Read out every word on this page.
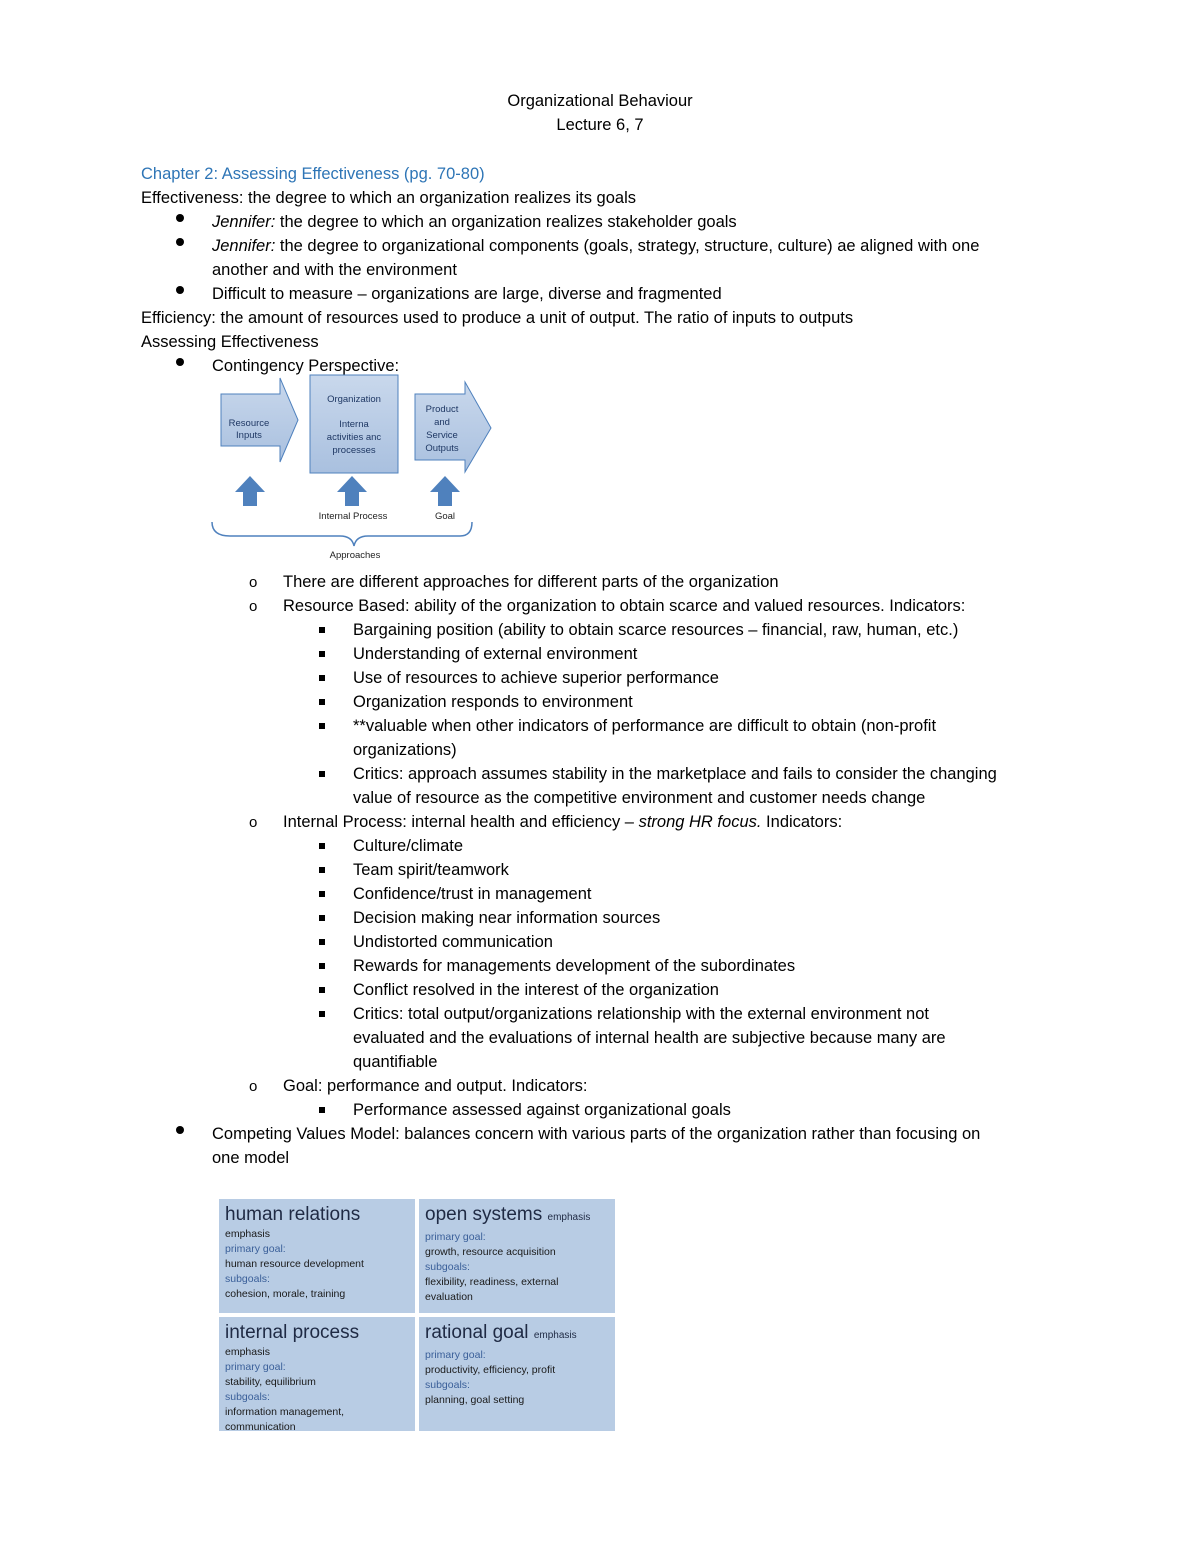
Organizational Behaviour
Lecture 6, 7
Chapter 2: Assessing Effectiveness (pg. 70-80)
Effectiveness: the degree to which an organization realizes its goals
Jennifer: the degree to which an organization realizes stakeholder goals
Jennifer: the degree to organizational components (goals, strategy, structure, culture) ae aligned with one
another and with the environment
Difficult to measure – organizations are large, diverse and fragmented
Efficiency: the amount of resources used to produce a unit of output. The ratio of inputs to outputs
Assessing Effectiveness
Contingency Perspective:
Resource
Inputs
Organization
Interna
activities anc
processes
Product
and
Service
Outputs
Internal Process	Goal
Approaches
o There are different approaches for different parts of the organization
o Resource Based: ability of the organization to obtain scarce and valued resources. Indicators:
Bargaining position (ability to obtain scarce resources – financial, raw, human, etc.)
Understanding of external environment
Use of resources to achieve superior performance
Organization responds to environment
**valuable when other indicators of performance are difficult to obtain (non-profit
organizations)
Critics: approach assumes stability in the marketplace and fails to consider the changing
value of resource as the competitive environment and customer needs change
o Internal Process: internal health and efficiency – strong HR focus. Indicators:
Culture/climate
Team spirit/teamwork
Confidence/trust in management
Decision making near information sources
Undistorted communication
Rewards for managements development of the subordinates
Conflict resolved in the interest of the organization
Critics: total output/organizations relationship with the external environment not
evaluated and the evaluations of internal health are subjective because many are
quantifiable
o Goal: performance and output. Indicators:
Performance assessed against organizational goals
Competing Values Model: balances concern with various parts of the organization rather than focusing on
one model
human relations
emphasis
primary goal:
human resource development
subgoals:
cohesion, morale, training
open systems emphasis
primary goal:
growth, resource acquisition
subgoals:
flexibility, readiness, external
evaluation
internal process
emphasis
primary goal:
stability, equilibrium
subgoals:
information management,
communication
rational goal emphasis
primary goal:
productivity, efficiency, profit
subgoals:
planning, goal setting
